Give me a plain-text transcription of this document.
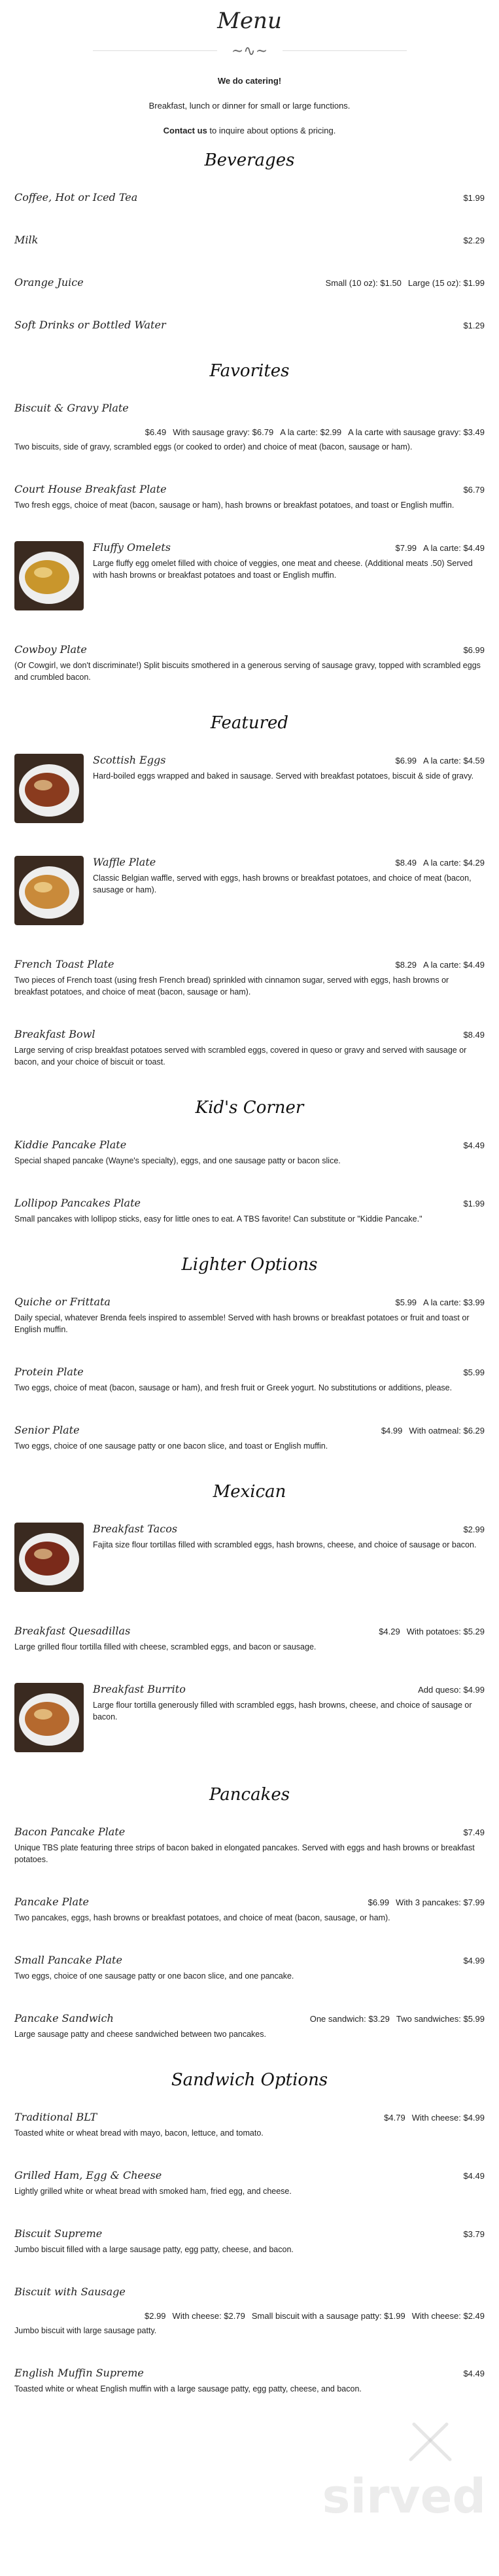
Menu
~∿~

We do catering!

Breakfast, lunch or dinner for small or large functions.

Contact us to inquire about options & pricing.

Beverages
Coffee, Hot or Iced Tea	$1.99
Milk	$2.29
Orange Juice	Small (10 oz): $1.50 Large (15 oz): $1.99
Soft Drinks or Bottled Water	$1.29
Favorites
Biscuit & Gravy Plate
$6.49 With sausage gravy: $6.79 A la carte: $2.99 A la carte with sausage gravy: $3.49
Two biscuits, side of gravy, scrambled eggs (or cooked to order) and choice of meat (bacon, sausage or ham).
Court House Breakfast Plate	$6.79
Two fresh eggs, choice of meat (bacon, sausage or ham), hash browns or breakfast potatoes, and toast or English muffin.
Fluffy Omelets	$7.99 A la carte: $4.49
Large fluffy egg omelet filled with choice of veggies, one meat and cheese. (Additional meats .50) Served with hash browns or breakfast potatoes and toast or English muffin.
Cowboy Plate	$6.99
(Or Cowgirl, we don't discriminate!) Split biscuits smothered in a generous serving of sausage gravy, topped with scrambled eggs and crumbled bacon.
Featured
Scottish Eggs	$6.99 A la carte: $4.59
Hard-boiled eggs wrapped and baked in sausage. Served with breakfast potatoes, biscuit & side of gravy.
Waffle Plate	$8.49 A la carte: $4.29
Classic Belgian waffle, served with eggs, hash browns or breakfast potatoes, and choice of meat (bacon, sausage or ham).
French Toast Plate	$8.29 A la carte: $4.49
Two pieces of French toast (using fresh French bread) sprinkled with cinnamon sugar, served with eggs, hash browns or breakfast potatoes, and choice of meat (bacon, sausage or ham).
Breakfast Bowl	$8.49
Large serving of crisp breakfast potatoes served with scrambled eggs, covered in queso or gravy and served with sausage or bacon, and your choice of biscuit or toast.
Kid's Corner
Kiddie Pancake Plate	$4.49
Special shaped pancake (Wayne's specialty), eggs, and one sausage patty or bacon slice.
Lollipop Pancakes Plate	$1.99
Small pancakes with lollipop sticks, easy for little ones to eat. A TBS favorite! Can substitute or "Kiddie Pancake."
Lighter Options
Quiche or Frittata	$5.99 A la carte: $3.99
Daily special, whatever Brenda feels inspired to assemble! Served with hash browns or breakfast potatoes or fruit and toast or English muffin.
Protein Plate	$5.99
Two eggs, choice of meat (bacon, sausage or ham), and fresh fruit or Greek yogurt. No substitutions or additions, please.
Senior Plate	$4.99 With oatmeal: $6.29
Two eggs, choice of one sausage patty or one bacon slice, and toast or English muffin.
Mexican
Breakfast Tacos	$2.99
Fajita size flour tortillas filled with scrambled eggs, hash browns, cheese, and choice of sausage or bacon.
Breakfast Quesadillas	$4.29 With potatoes: $5.29
Large grilled flour tortilla filled with cheese, scrambled eggs, and bacon or sausage.
Breakfast Burrito	Add queso: $4.99
Large flour tortilla generously filled with scrambled eggs, hash browns, cheese, and choice of sausage or bacon.
Pancakes
Bacon Pancake Plate	$7.49
Unique TBS plate featuring three strips of bacon baked in elongated pancakes. Served with eggs and hash browns or breakfast potatoes.
Pancake Plate	$6.99 With 3 pancakes: $7.99
Two pancakes, eggs, hash browns or breakfast potatoes, and choice of meat (bacon, sausage, or ham).
Small Pancake Plate	$4.99
Two eggs, choice of one sausage patty or one bacon slice, and one pancake.
Pancake Sandwich	One sandwich: $3.29 Two sandwiches: $5.99
Large sausage patty and cheese sandwiched between two pancakes.
Sandwich Options
Traditional BLT	$4.79 With cheese: $4.99
Toasted white or wheat bread with mayo, bacon, lettuce, and tomato.
Grilled Ham, Egg & Cheese	$4.49
Lightly grilled white or wheat bread with smoked ham, fried egg, and cheese.
Biscuit Supreme	$3.79
Jumbo biscuit filled with a large sausage patty, egg patty, cheese, and bacon.
Biscuit with Sausage
$2.99 With cheese: $2.79 Small biscuit with a sausage patty: $1.99 With cheese: $2.49
Jumbo biscuit with large sausage patty.
English Muffin Supreme	$4.49
Toasted white or wheat English muffin with a large sausage patty, egg patty, cheese, and bacon.
sirved
